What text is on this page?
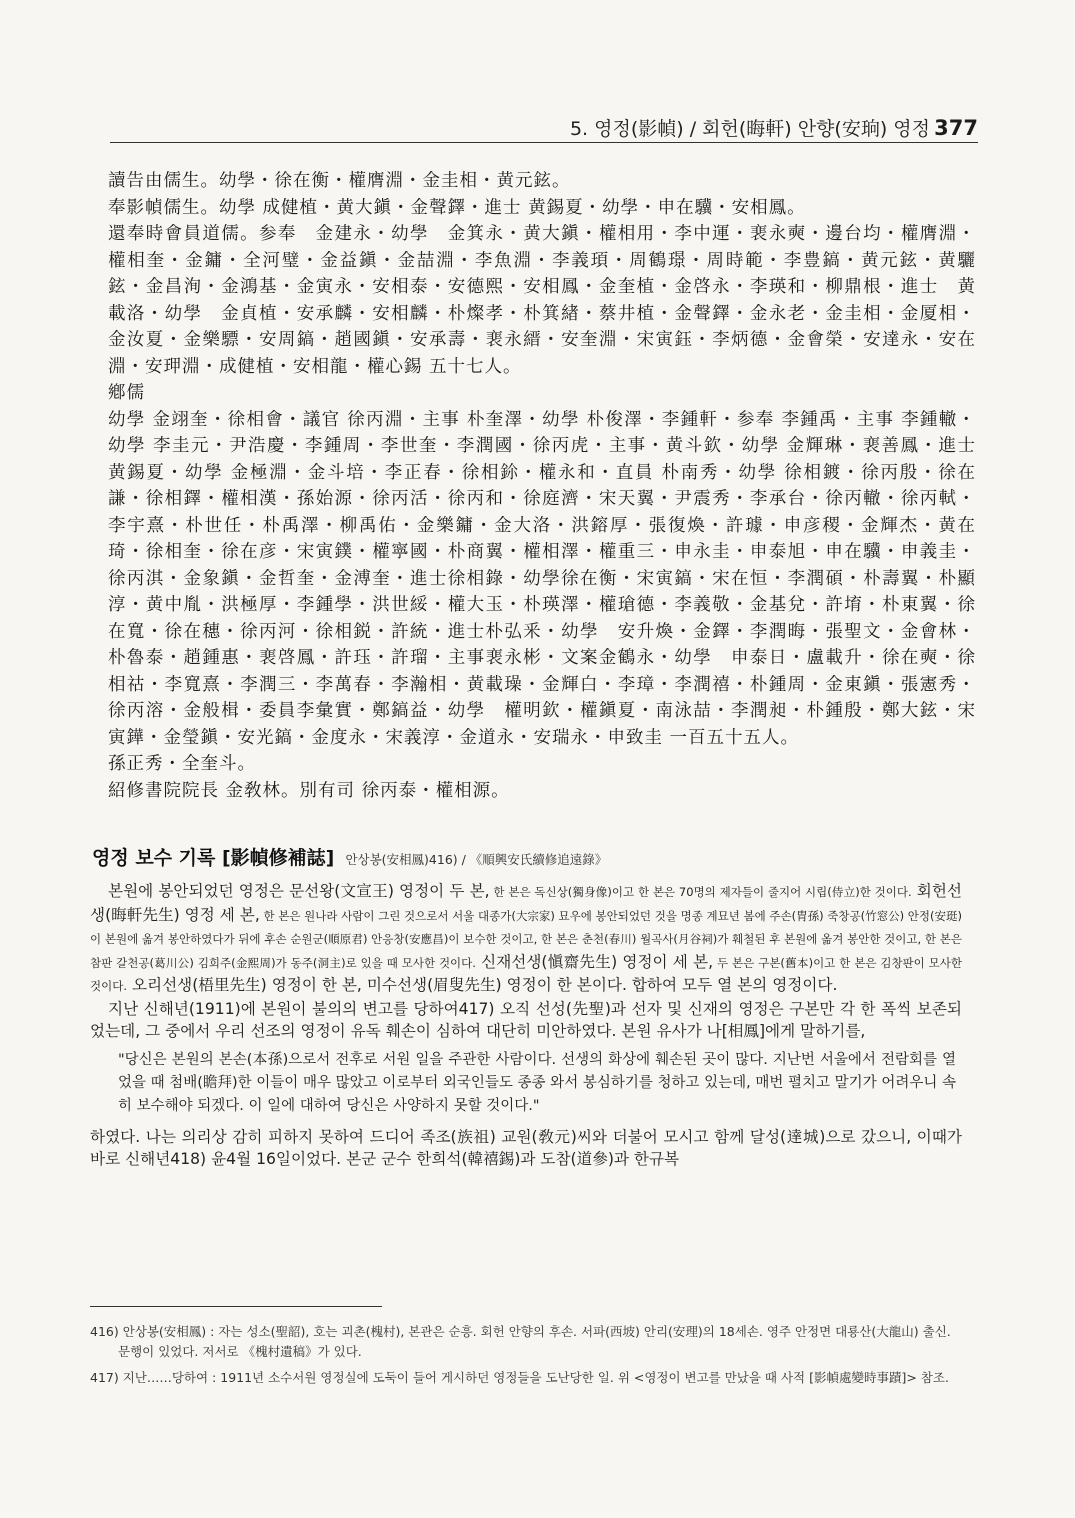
5. 영정(影幀) / 회헌(晦軒) 안향(安珦) 영정 377

讀告由儒生。幼學・徐在衡・權膺淵・金圭相・黄元鉉。

奉影幀儒生。幼學 成健植・黄大鎭・金聲鐸・進士 黄錫夏・幼學・申在驥・安相鳳。

還奉時會員道儒。参奉　金建永・幼學　金箕永・黄大鎭・權相用・李中運・裵永奭・邊台均・權膺淵・權相奎・金鏞・全河璧・金益鎭・金喆淵・李魚淵・李義頊・周鶴璟・周時範・李豊鎬・黄元鉉・黄驪鉉・金昌洵・金鴻基・金寅永・安相泰・安德熙・安相鳳・金奎植・金啓永・李瑛和・柳鼎根・進士　黄載洛・幼學　金貞植・安承麟・安相麟・朴燦孝・朴箕緖・蔡井植・金聲鐸・金永老・金圭相・金厦相・金汝夏・金樂驃・安周鎬・趙國鎭・安承壽・裵永縉・安奎淵・宋寅鈺・李炳德・金會榮・安達永・安在淵・安玾淵・成健植・安相龍・權心錫 五十七人。

鄕儒

幼學 金翊奎・徐相會・議官 徐丙淵・主事 朴奎澤・幼學 朴俊澤・李鍾軒・参奉 李鍾禹・主事 李鍾轍・幼學 李圭元・尹浩慶・李鍾周・李世奎・李潤國・徐丙虎・主事・黄斗欽・幼學 金輝琳・裵善鳳・進士 黄錫夏・幼學 金極淵・金斗培・李正春・徐相鉩・權永和・直員 朴南秀・幼學 徐相鍍・徐丙殷・徐在謙・徐相鐸・權相漢・孫始源・徐丙活・徐丙和・徐庭濟・宋天翼・尹震秀・李承台・徐丙轍・徐丙軾・李宇熹・朴世任・朴禹澤・柳禹佑・金樂鏞・金大洛・洪鎔厚・張復煥・許璩・申彦稷・金輝杰・黄在琦・徐相奎・徐在彦・宋寅鏷・權寧國・朴商翼・權相澤・權重三・申永圭・申泰旭・申在驥・申義圭・徐丙淇・金象鎭・金哲奎・金溥奎・進士徐相錄・幼學徐在衡・宋寅鎬・宋在恒・李潤碩・朴壽翼・朴顯淳・黄中胤・洪極厚・李鍾學・洪世綏・權大玉・朴瑛澤・權瑲德・李義敬・金基兌・許堉・朴東翼・徐在寬・徐在穗・徐丙河・徐相鋭・許統・進士朴弘釆・幼學　安升煥・金鐸・李潤晦・張聖文・金會林・朴魯泰・趙鍾惠・裵啓鳳・許珏・許瑠・主事裵永彬・文案金鶴永・幼學　申泰日・盧載升・徐在奭・徐相祜・李寬熹・李潤三・李萬春・李瀚相・黄載璪・金輝白・李璋・李潤禧・朴鍾周・金東鎭・張憲秀・徐丙溶・金般楫・委員李彙實・鄭鎬益・幼學　權明欽・權鎭夏・南泳喆・李潤昶・朴鍾殷・鄭大鉉・宋寅鏵・金瑩鎭・安光鎬・金度永・宋義淳・金道永・安瑞永・申致圭 一百五十五人。

孫正秀・全奎斗。

紹修書院院長 金敎林。別有司 徐丙泰・權相源。

영정 보수 기록 [影幀修補誌] 안상봉(安相鳳)416) / 《順興安氏續修追遠錄》

본원에 봉안되었던 영정은 문선왕(文宣王) 영정이 두 본, 한 본은 독신상(獨身像)이고 한 본은 70명의 제자들이 줄지어 시립(侍立)한 것이다. 회헌선생(晦軒先生) 영정 세 본, 한 본은 원나라 사람이 그린 것으로서 서울 대종가(大宗家) 묘우에 봉안되었던 것을 명종 계묘년 봄에 주손(胄孫) 죽창공(竹窓公) 안정(安珽)이 본원에 옮겨 봉안하였다가 뒤에 후손 순원군(順原君) 안응창(安應昌)이 보수한 것이고, 한 본은 춘천(春川) 월곡사(月谷祠)가 훼철된 후 본원에 옮겨 봉안한 것이고, 한 본은 참판 갈천공(葛川公) 김희주(金熙周)가 동주(洞主)로 있을 때 모사한 것이다. 신재선생(愼齋先生) 영정이 세 본, 두 본은 구본(舊本)이고 한 본은 김창판이 모사한 것이다. 오리선생(梧里先生) 영정이 한 본, 미수선생(眉叟先生) 영정이 한 본이다. 합하여 모두 열 본의 영정이다.

지난 신해년(1911)에 본원이 불의의 변고를 당하여417) 오직 선성(先聖)과 선자 및 신재의 영정은 구본만 각 한 폭씩 보존되었는데, 그 중에서 우리 선조의 영정이 유독 훼손이 심하여 대단히 미안하였다. 본원 유사가 나[相鳳]에게 말하기를,

"당신은 본원의 본손(本孫)으로서 전후로 서원 일을 주관한 사람이다. 선생의 화상에 훼손된 곳이 많다. 지난번 서울에서 전람회를 열었을 때 첨배(瞻拜)한 이들이 매우 많았고 이로부터 외국인들도 종종 와서 봉심하기를 청하고 있는데, 매번 펼치고 말기가 어려우니 속히 보수해야 되겠다. 이 일에 대하여 당신은 사양하지 못할 것이다."

하였다. 나는 의리상 감히 피하지 못하여 드디어 족조(族祖) 교원(敎元)씨와 더불어 모시고 함께 달성(達城)으로 갔으니, 이때가 바로 신해년418) 윤4월 16일이었다. 본군 군수 한희석(韓禧錫)과 도참(道參)과 한규복

416) 안상봉(安相鳳) : 자는 성소(聖韶), 호는 괴촌(槐村), 본관은 순흥. 회헌 안향의 후손. 서파(西坡) 안리(安理)의 18세손. 영주 안정면 대룡산(大龍山) 출신. 문행이 있었다. 저서로 《槐村遺稿》가 있다.

417) 지난……당하여 : 1911년 소수서원 영정실에 도둑이 들어 게시하던 영정들을 도난당한 일. 위 <영정이 변고를 만났을 때 사적 [影幀處變時事蹟]> 참조.
